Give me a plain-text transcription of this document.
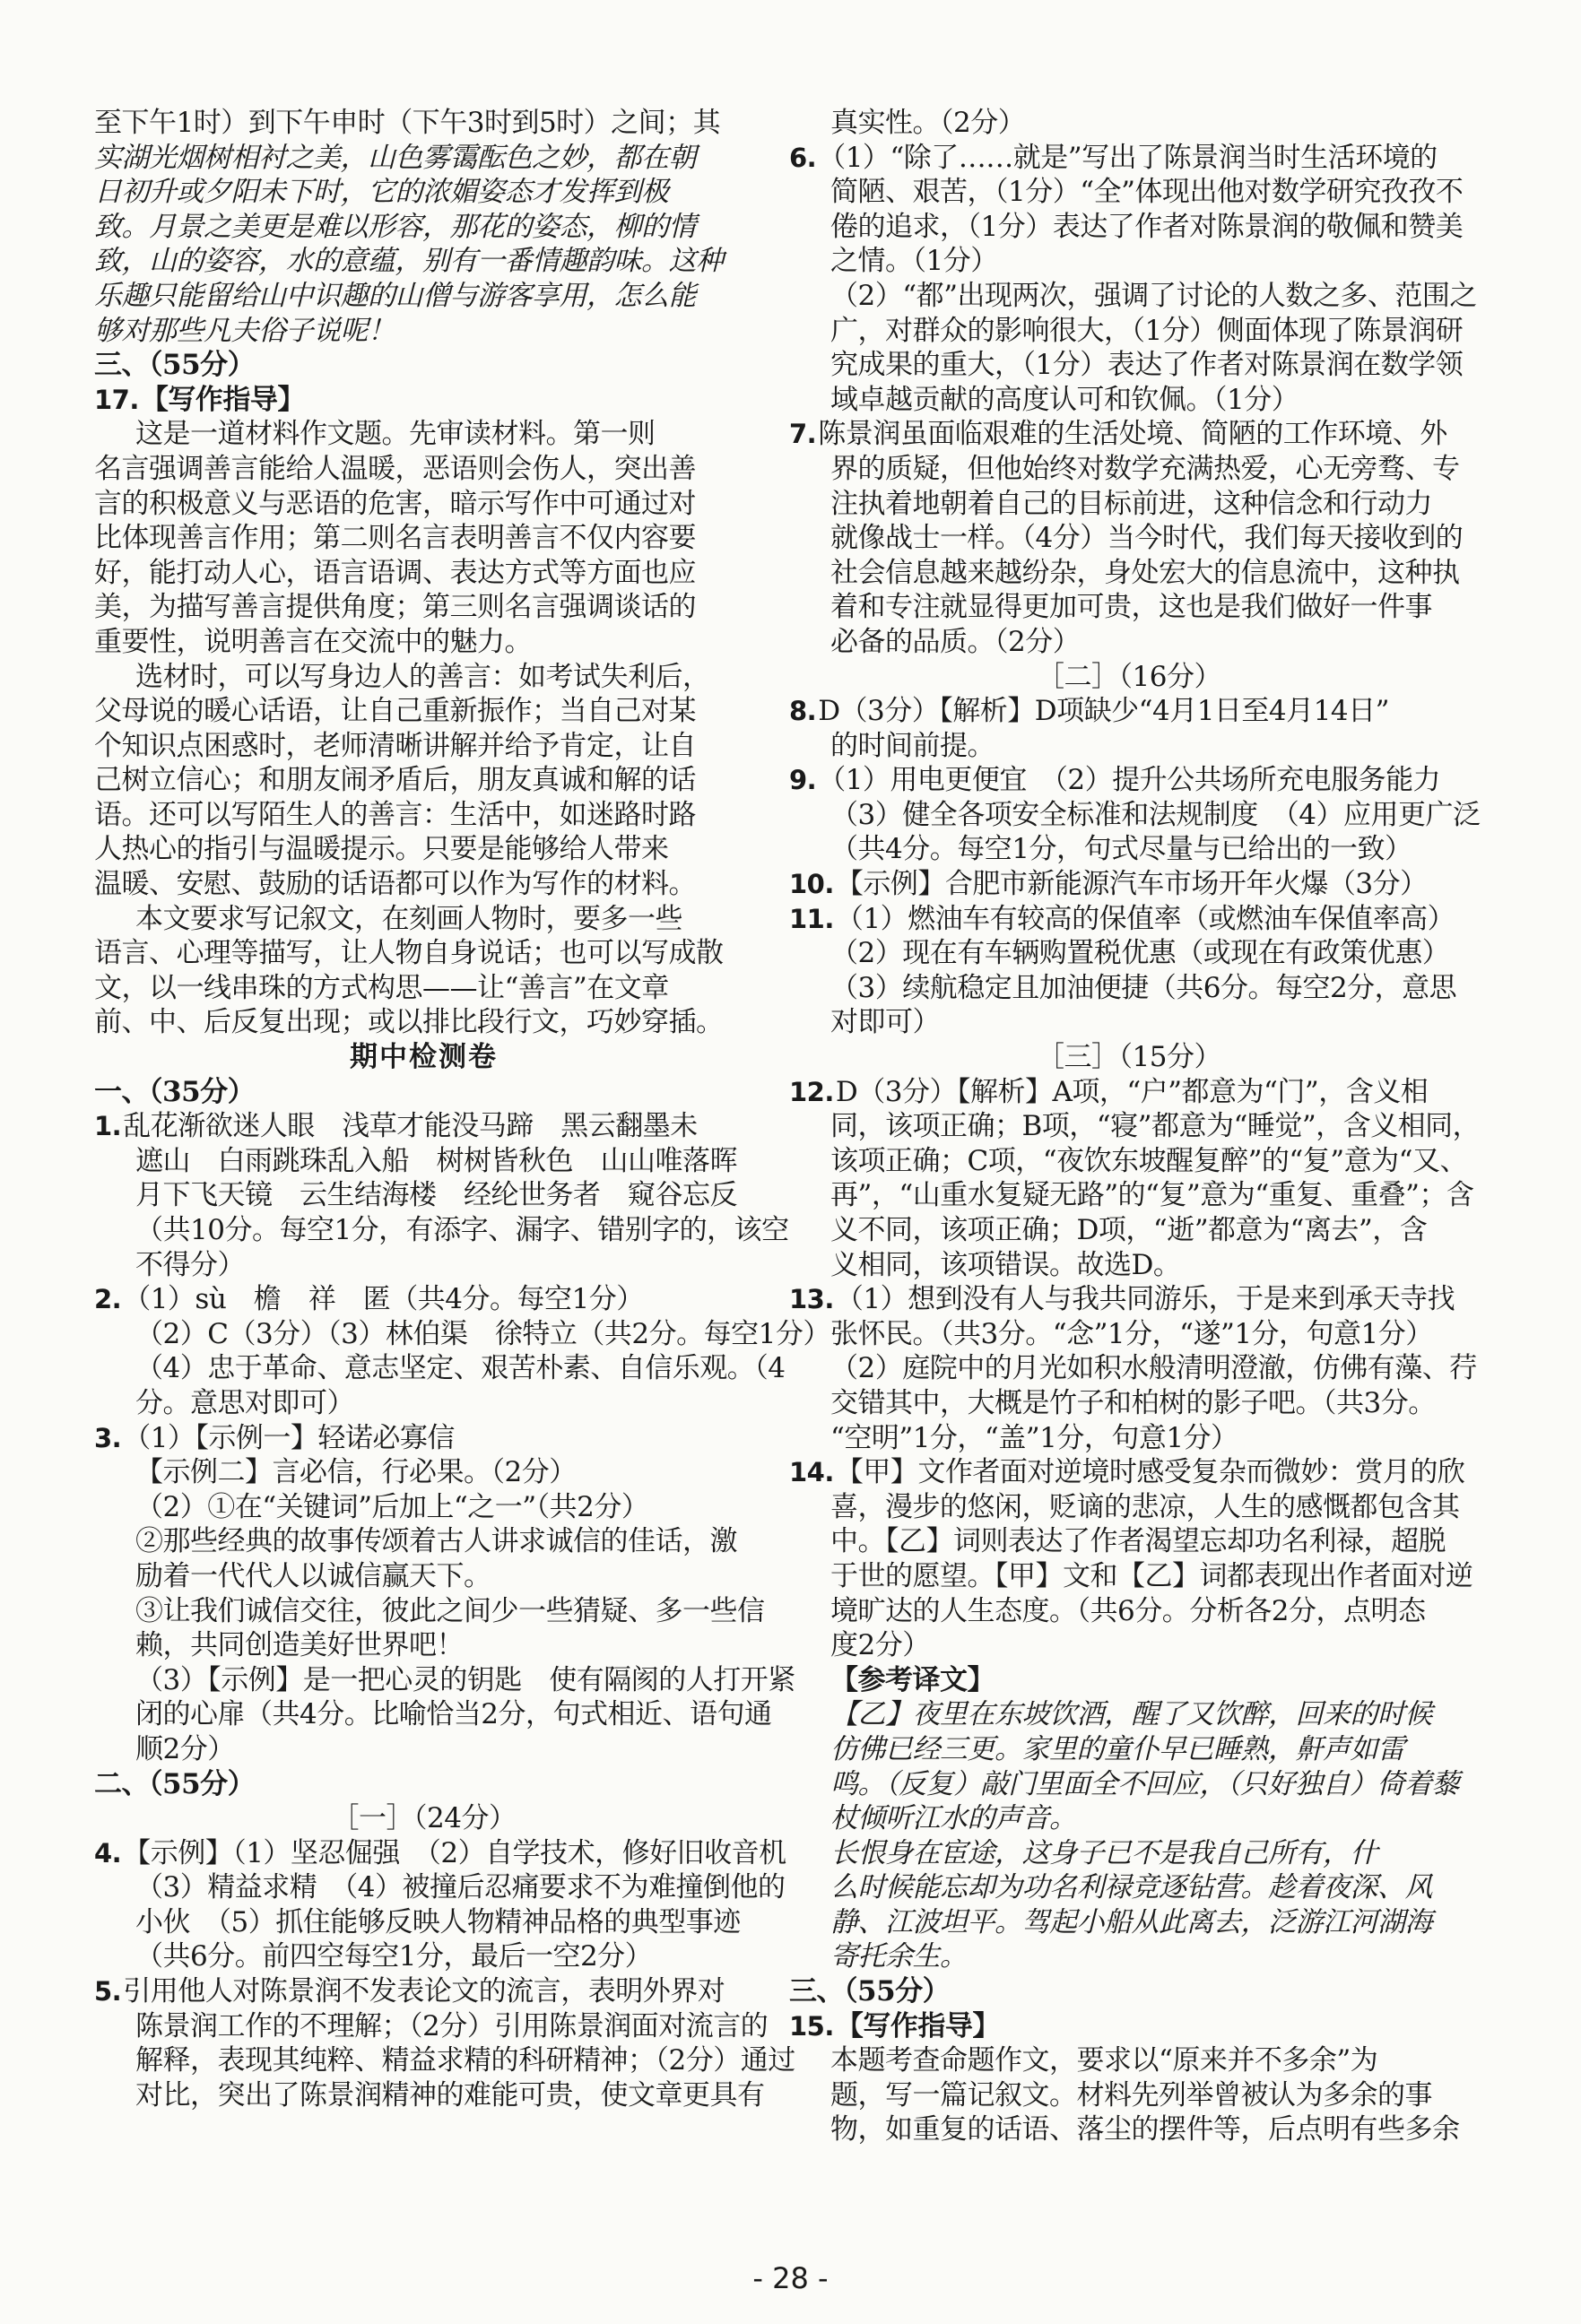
至下午1时）到下午申时（下午3时到5时）之间；其
实湖光烟树相衬之美，山色雾霭酝色之妙，都在朝
日初升或夕阳未下时，它的浓媚姿态才发挥到极
致。月景之美更是难以形容，那花的姿态，柳的情
致，山的姿容，水的意蕴，别有一番情趣韵味。这种
乐趣只能留给山中识趣的山僧与游客享用，怎么能
够对那些凡夫俗子说呢！
三、（55分）
17.【写作指导】
这是一道材料作文题。先审读材料。第一则
名言强调善言能给人温暖，恶语则会伤人，突出善
言的积极意义与恶语的危害，暗示写作中可通过对
比体现善言作用；第二则名言表明善言不仅内容要
好，能打动人心，语言语调、表达方式等方面也应
美，为描写善言提供角度；第三则名言强调谈话的
重要性，说明善言在交流中的魅力。
选材时，可以写身边人的善言：如考试失利后，
父母说的暖心话语，让自己重新振作；当自己对某
个知识点困惑时，老师清晰讲解并给予肯定，让自
己树立信心；和朋友闹矛盾后，朋友真诚和解的话
语。还可以写陌生人的善言：生活中，如迷路时路
人热心的指引与温暖提示。只要是能够给人带来
温暖、安慰、鼓励的话语都可以作为写作的材料。
本文要求写记叙文，在刻画人物时，要多一些
语言、心理等描写，让人物自身说话；也可以写成散
文，以一线串珠的方式构思——让“善言”在文章
前、中、后反复出现；或以排比段行文，巧妙穿插。
期中检测卷
一、（35分）
1.乱花渐欲迷人眼　浅草才能没马蹄　黑云翻墨未
遮山　白雨跳珠乱入船　树树皆秋色　山山唯落晖
月下飞天镜　云生结海楼　经纶世务者　窥谷忘反
（共10分。每空1分，有添字、漏字、错别字的，该空
不得分）
2.（1）sù　檐　祥　匿（共4分。每空1分）
（2）C（3分）（3）林伯渠　徐特立（共2分。每空1分）
（4）忠于革命、意志坚定、艰苦朴素、自信乐观。（4
分。意思对即可）
3.（1）【示例一】轻诺必寡信
【示例二】言必信，行必果。（2分）
（2）①在“关键词”后加上“之一”（共2分）
②那些经典的故事传颂着古人讲求诚信的佳话，激
励着一代代人以诚信赢天下。
③让我们诚信交往，彼此之间少一些猜疑、多一些信
赖，共同创造美好世界吧！
（3）【示例】是一把心灵的钥匙　使有隔阂的人打开紧
闭的心扉（共4分。比喻恰当2分，句式相近、语句通
顺2分）
二、（55分）
［一］（24分）
4.【示例】（1）坚忍倔强　（2）自学技术，修好旧收音机
（3）精益求精　（4）被撞后忍痛要求不为难撞倒他的
小伙　（5）抓住能够反映人物精神品格的典型事迹
（共6分。前四空每空1分，最后一空2分）
5.引用他人对陈景润不发表论文的流言，表明外界对
陈景润工作的不理解；（2分）引用陈景润面对流言的
解释，表现其纯粹、精益求精的科研精神；（2分）通过
对比，突出了陈景润精神的难能可贵，使文章更具有
真实性。（2分）
6.（1）“除了……就是”写出了陈景润当时生活环境的
简陋、艰苦，（1分）“全”体现出他对数学研究孜孜不
倦的追求，（1分）表达了作者对陈景润的敬佩和赞美
之情。（1分）
（2）“都”出现两次，强调了讨论的人数之多、范围之
广，对群众的影响很大，（1分）侧面体现了陈景润研
究成果的重大，（1分）表达了作者对陈景润在数学领
域卓越贡献的高度认可和钦佩。（1分）
7.陈景润虽面临艰难的生活处境、简陋的工作环境、外
界的质疑，但他始终对数学充满热爱，心无旁骛、专
注执着地朝着自己的目标前进，这种信念和行动力
就像战士一样。（4分）当今时代，我们每天接收到的
社会信息越来越纷杂，身处宏大的信息流中，这种执
着和专注就显得更加可贵，这也是我们做好一件事
必备的品质。（2分）
［二］（16分）
8.D（3分）【解析】D项缺少“4月1日至4月14日”
的时间前提。
9.（1）用电更便宜　（2）提升公共场所充电服务能力
（3）健全各项安全标准和法规制度　（4）应用更广泛
（共4分。每空1分，句式尽量与已给出的一致）
10.【示例】合肥市新能源汽车市场开年火爆（3分）
11.（1）燃油车有较高的保值率（或燃油车保值率高）
（2）现在有车辆购置税优惠（或现在有政策优惠）
（3）续航稳定且加油便捷（共6分。每空2分，意思
对即可）
［三］（15分）
12.D（3分）【解析】A项，“户”都意为“门”，含义相
同，该项正确；B项，“寝”都意为“睡觉”，含义相同，
该项正确；C项，“夜饮东坡醒复醉”的“复”意为“又、
再”，“山重水复疑无路”的“复”意为“重复、重叠”；含
义不同，该项正确；D项，“逝”都意为“离去”，含
义相同，该项错误。故选D。
13.（1）想到没有人与我共同游乐，于是来到承天寺找
张怀民。（共3分。“念”1分，“遂”1分，句意1分）
（2）庭院中的月光如积水般清明澄澈，仿佛有藻、荇
交错其中，大概是竹子和柏树的影子吧。（共3分。
“空明”1分，“盖”1分，句意1分）
14.【甲】文作者面对逆境时感受复杂而微妙：赏月的欣
喜，漫步的悠闲，贬谪的悲凉，人生的感慨都包含其
中。【乙】词则表达了作者渴望忘却功名利禄，超脱
于世的愿望。【甲】文和【乙】词都表现出作者面对逆
境旷达的人生态度。（共6分。分析各2分，点明态
度2分）
【参考译文】
【乙】夜里在东坡饮酒，醒了又饮醉，回来的时候
仿佛已经三更。家里的童仆早已睡熟，鼾声如雷
鸣。（反复）敲门里面全不回应，（只好独自）倚着藜
杖倾听江水的声音。
长恨身在宦途，这身子已不是我自己所有，什
么时候能忘却为功名利禄竞逐钻营。趁着夜深、风
静、江波坦平。驾起小船从此离去，泛游江河湖海
寄托余生。
三、（55分）
15.【写作指导】
本题考查命题作文，要求以“原来并不多余”为
题，写一篇记叙文。材料先列举曾被认为多余的事
物，如重复的话语、落尘的摆件等，后点明有些多余
- 28 -
